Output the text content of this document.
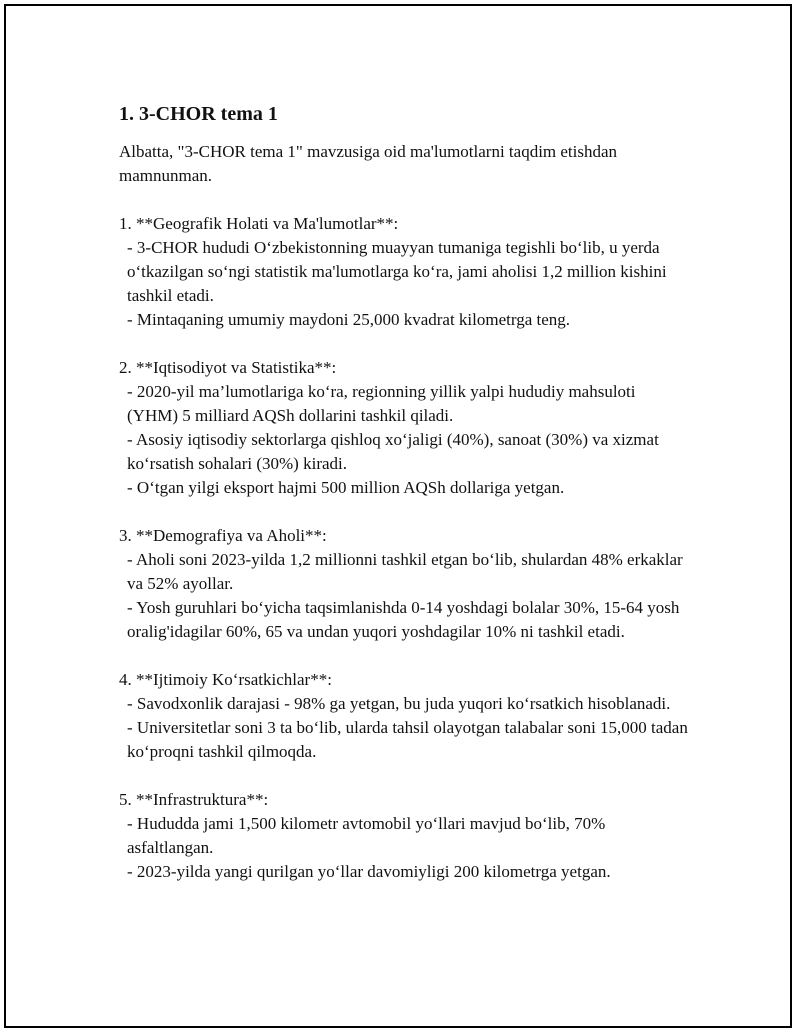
1. 3-CHOR tema 1
Albatta, "3-CHOR tema 1" mavzusiga oid ma'lumotlarni taqdim etishdan mamnunman.
1. **Geografik Holati va Ma'lumotlar**:
- 3-CHOR hududi O‘zbekistonning muayyan tumaniga tegishli bo‘lib, u yerda o‘tkazilgan so‘ngi statistik ma'lumotlarga ko‘ra, jami aholisi 1,2 million kishini tashkil etadi.
- Mintaqaning umumiy maydoni 25,000 kvadrat kilometrga teng.
2. **Iqtisodiyot va Statistika**:
- 2020-yil ma’lumotlariga ko‘ra, regionning yillik yalpi hududiy mahsuloti (YHM) 5 milliard AQSh dollarini tashkil qiladi.
- Asosiy iqtisodiy sektorlarga qishloq xo‘jaligi (40%), sanoat (30%) va xizmat ko‘rsatish sohalari (30%) kiradi.
- O‘tgan yilgi eksport hajmi 500 million AQSh dollariga yetgan.
3. **Demografiya va Aholi**:
- Aholi soni 2023-yilda 1,2 millionni tashkil etgan bo‘lib, shulardan 48% erkaklar va 52% ayollar.
- Yosh guruhlari bo‘yicha taqsimlanishda 0-14 yoshdagi bolalar 30%, 15-64 yosh oralig'idagilar 60%, 65 va undan yuqori yoshdagilar 10% ni tashkil etadi.
4. **Ijtimoiy Ko‘rsatkichlar**:
- Savodxonlik darajasi - 98% ga yetgan, bu juda yuqori ko‘rsatkich hisoblanadi.
- Universitetlar soni 3 ta bo‘lib, ularda tahsil olayotgan talabalar soni 15,000 tadan ko‘proqni tashkil qilmoqda.
5. **Infrastruktura**:
- Hududda jami 1,500 kilometr avtomobil yo‘llari mavjud bo‘lib, 70% asfaltlangan.
- 2023-yilda yangi qurilgan yo‘llar davomiyligi 200 kilometrga yetgan.
